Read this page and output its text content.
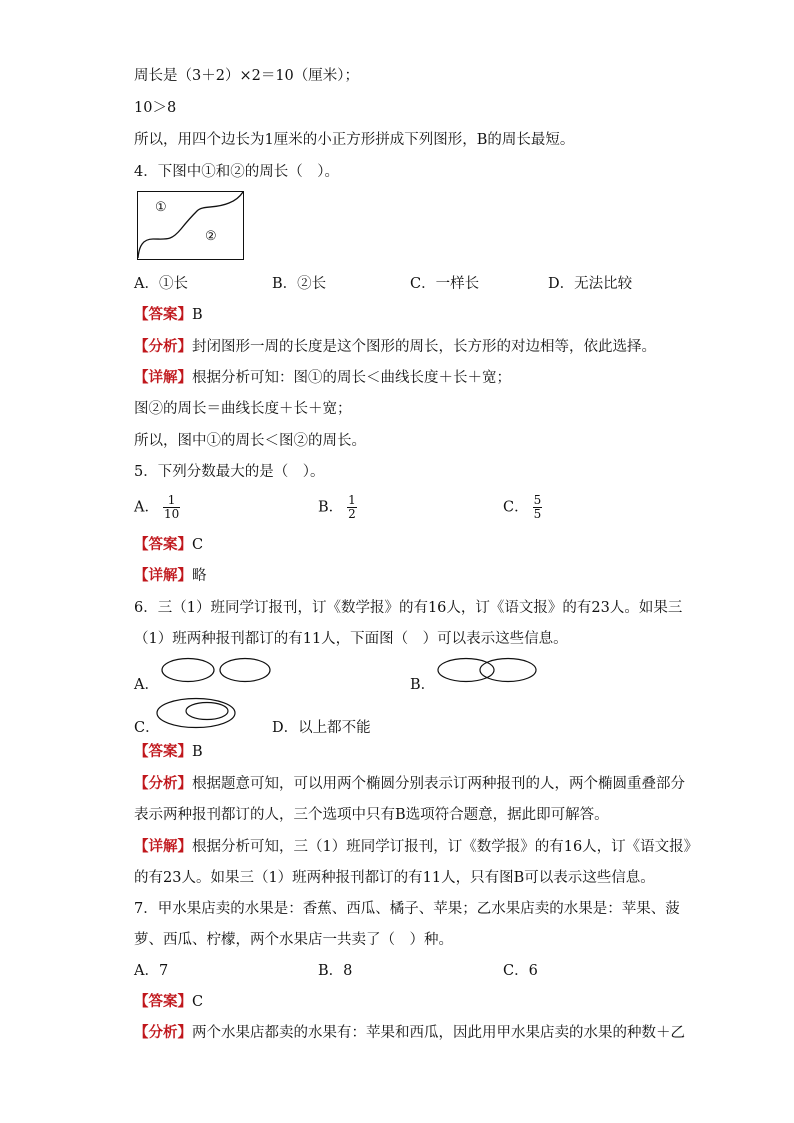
周长是（3＋2）×2＝10（厘米）；
10＞8
所以，用四个边长为1厘米的小正方形拼成下列图形，B的周长最短。
4．下图中①和②的周长（　）。
①
②
A．①长	B．②长	C．一样长	D．无法比较
【答案】B
【分析】封闭图形一周的长度是这个图形的周长，长方形的对边相等，依此选择。
【详解】根据分析可知：图①的周长＜曲线长度＋长＋宽；
图②的周长＝曲线长度＋长＋宽；
所以，图中①的周长＜图②的周长。
5．下列分数最大的是（　）。
A． $\frac{1}{10}$	B． $\frac{1}{2}$	C． $\frac{5}{5}$
【答案】C
【详解】略
6．三（1）班同学订报刊，订《数学报》的有16人，订《语文报》的有23人。如果三
（1）班两种报刊都订的有11人，下面图（　）可以表示这些信息。
A．	B．
C．	D．以上都不能
【答案】B
【分析】根据题意可知，可以用两个椭圆分别表示订两种报刊的人，两个椭圆重叠部分
表示两种报刊都订的人，三个选项中只有B选项符合题意，据此即可解答。
【详解】根据分析可知，三（1）班同学订报刊，订《数学报》的有16人，订《语文报》
的有23人。如果三（1）班两种报刊都订的有11人，只有图B可以表示这些信息。
7．甲水果店卖的水果是：香蕉、西瓜、橘子、苹果；乙水果店卖的水果是：苹果、菠
萝、西瓜、柠檬，两个水果店一共卖了（　）种。
A．7	B．8	C．6
【答案】C
【分析】两个水果店都卖的水果有：苹果和西瓜，因此用甲水果店卖的水果的种数＋乙
